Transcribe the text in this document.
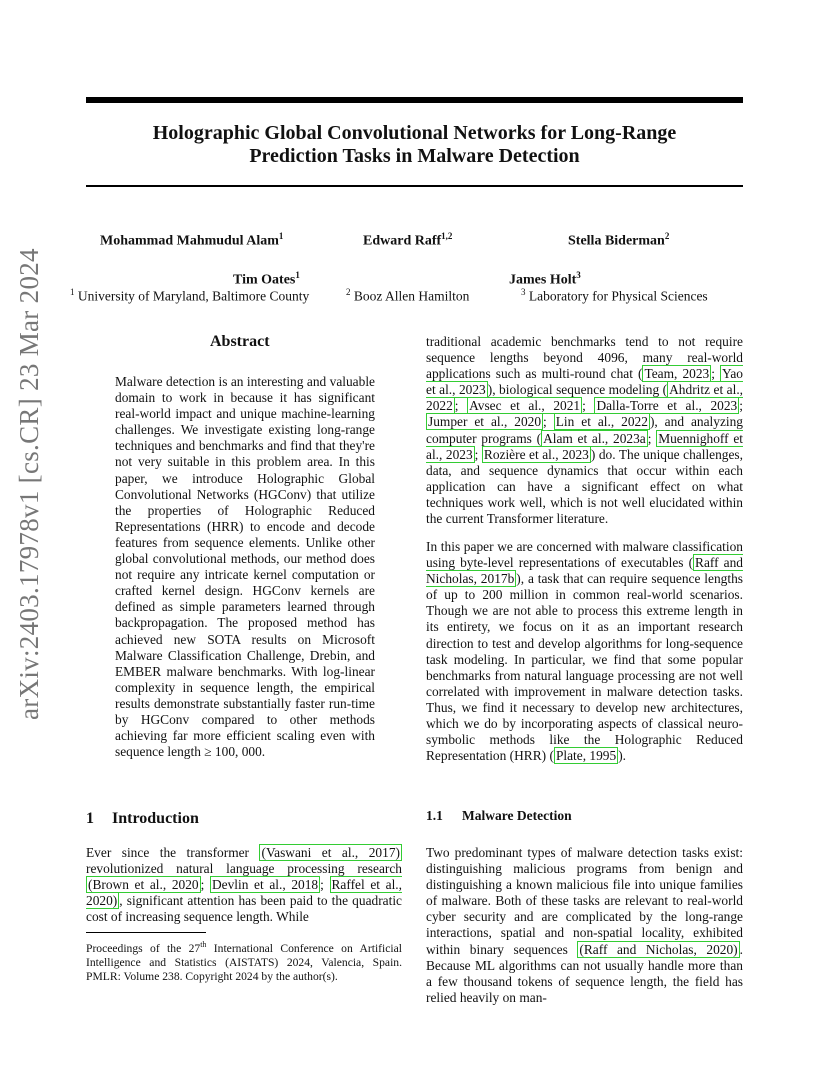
arXiv:2403.17978v1 [cs.CR] 23 Mar 2024
Holographic Global Convolutional Networks for Long-Range
Prediction Tasks in Malware Detection
Mohammad Mahmudul Alam$^1$	Edward Raff$^{1,2}$	Stella Biderman$^2$
Tim Oates$^1$	James Holt$^3$
$^1$ University of Maryland, Baltimore County	$^2$ Booz Allen Hamilton	$^3$ Laboratory for Physical Sciences
Abstract

Malware detection is an interesting and valuable domain to work in because it has significant real-world impact and unique machine-learning challenges. We investigate existing long-range techniques and benchmarks and find that they're not very suitable in this problem area. In this paper, we introduce Holographic Global Convolutional Networks (HGConv) that utilize the properties of Holographic Reduced Representations (HRR) to encode and decode features from sequence elements. Unlike other global convolutional methods, our method does not require any intricate kernel computation or crafted kernel design. HGConv kernels are defined as simple parameters learned through backpropagation. The proposed method has achieved new SOTA results on Microsoft Malware Classification Challenge, Drebin, and EMBER malware benchmarks. With log-linear complexity in sequence length, the empirical results demonstrate substantially faster run-time by HGConv compared to other methods achieving far more efficient scaling even with sequence length ≥ 100, 000.

1 Introduction

Ever since the transformer (Vaswani et al., 2017) revolutionized natural language processing research (Brown et al., 2020 ; Devlin et al., 2018 ; Raffel et al., 2020) , significant attention has been paid to the quadratic cost of increasing sequence length. While

Proceedings of the 27th International Conference on Artificial Intelligence and Statistics (AISTATS) 2024, Valencia, Spain. PMLR: Volume 238. Copyright 2024 by the author(s).

traditional academic benchmarks tend to not require sequence lengths beyond 4096, many real-world applications such as multi-round chat ( Team, 2023 ; Yao et al., 2023 ), biological sequence modeling ( Ahdritz et al., 2022 ; Avsec et al., 2021 ; Dalla-Torre et al., 2023 ; Jumper et al., 2020 ; Lin et al., 2022 ), and analyzing computer programs ( Alam et al., 2023a ; Muennighoff et al., 2023 ; Rozière et al., 2023 ) do. The unique challenges, data, and sequence dynamics that occur within each application can have a significant effect on what techniques work well, which is not well elucidated within the current Transformer literature.

In this paper we are concerned with malware classification using byte-level representations of executables ( Raff and Nicholas, 2017b ), a task that can require sequence lengths of up to 200 million in common real-world scenarios. Though we are not able to process this extreme length in its entirety, we focus on it as an important research direction to test and develop algorithms for long-sequence task modeling. In particular, we find that some popular benchmarks from natural language processing are not well correlated with improvement in malware detection tasks. Thus, we find it necessary to develop new architectures, which we do by incorporating aspects of classical neuro-symbolic methods like the Holographic Reduced Representation (HRR) ( Plate, 1995 ).

1.1 Malware Detection

Two predominant types of malware detection tasks exist: distinguishing malicious programs from benign and distinguishing a known malicious file into unique families of malware. Both of these tasks are relevant to real-world cyber security and are complicated by the long-range interactions, spatial and non-spatial locality, exhibited within binary sequences (Raff and Nicholas, 2020) . Because ML algorithms can not usually handle more than a few thousand tokens of sequence length, the field has relied heavily on man-
